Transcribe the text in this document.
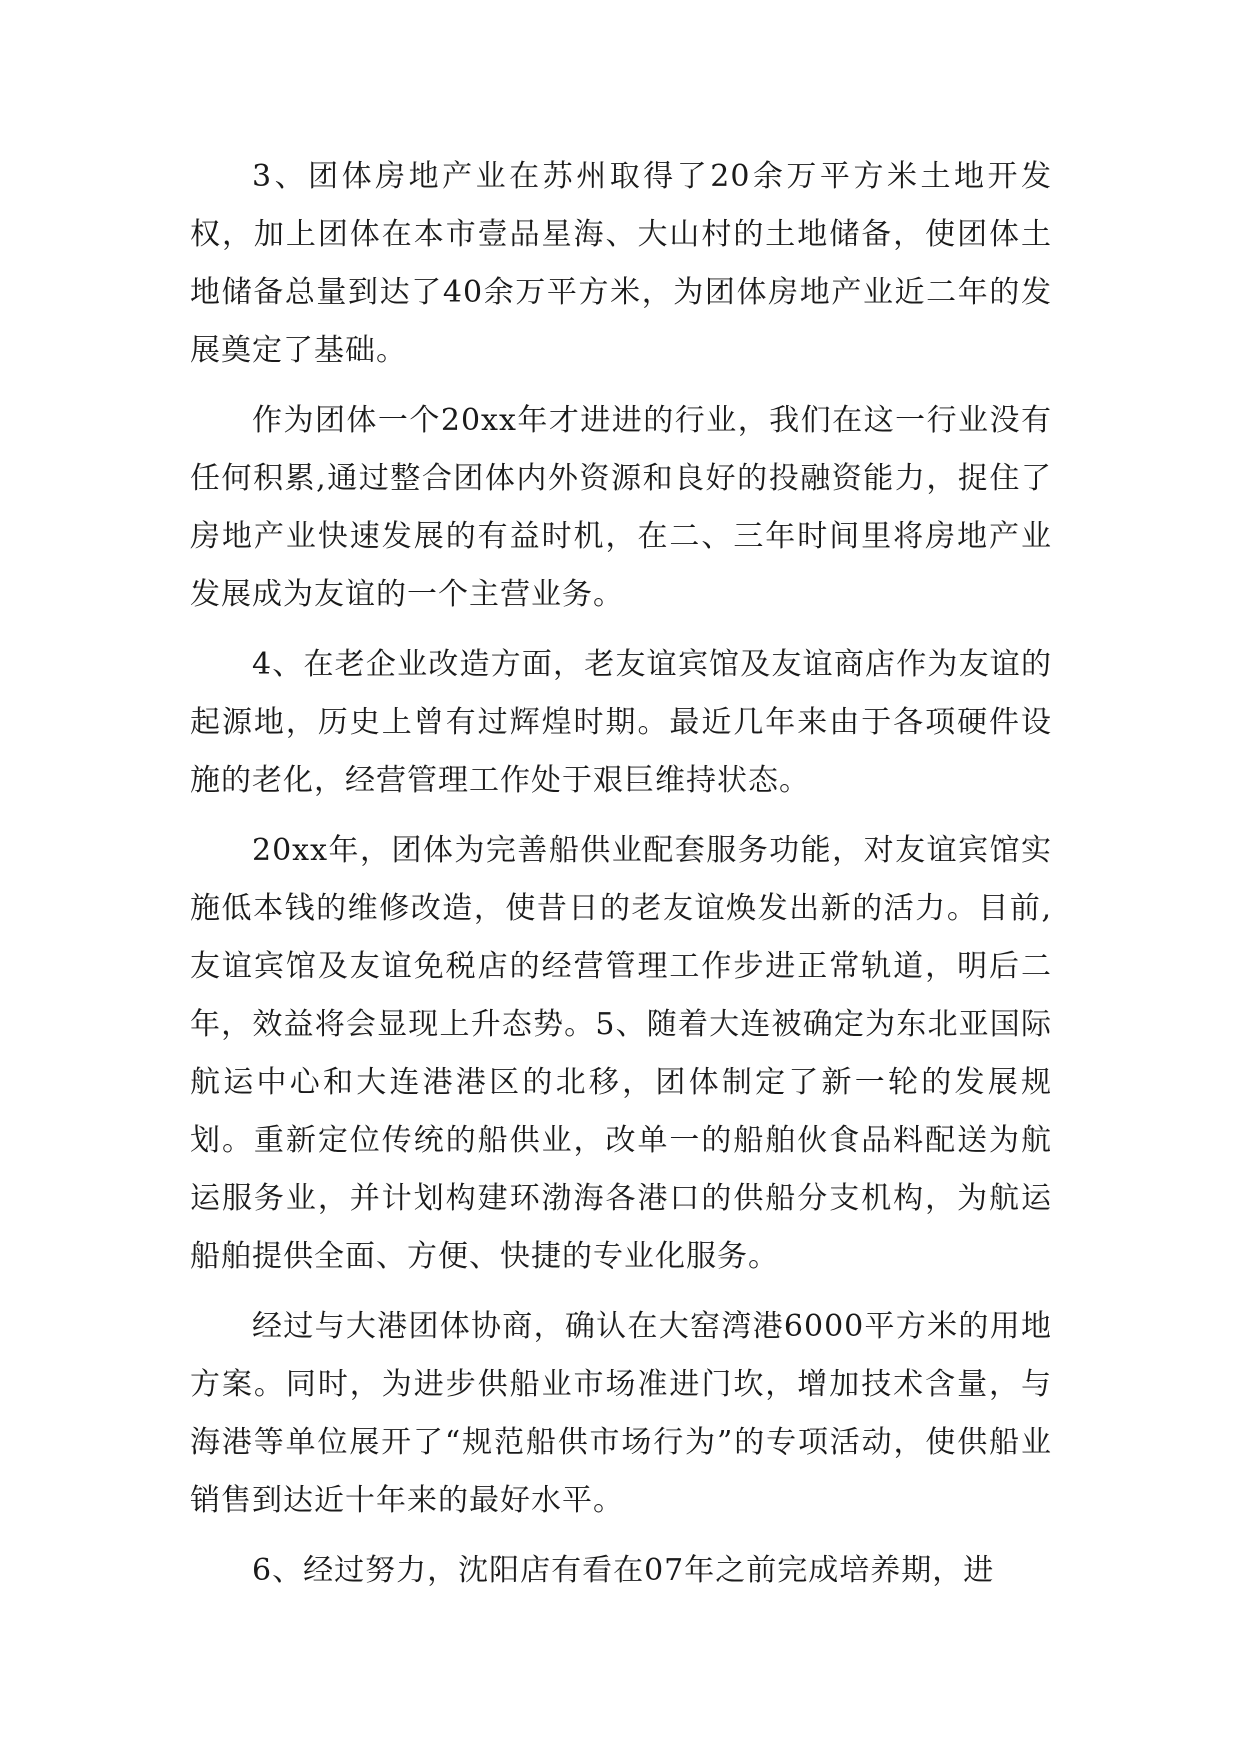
3、团体房地产业在苏州取得了20余万平方米土地开发权，加上团体在本市壹品星海、大山村的土地储备，使团体土地储备总量到达了40余万平方米，为团体房地产业近二年的发展奠定了基础。

作为团体一个20xx年才进进的行业，我们在这一行业没有任何积累,通过整合团体内外资源和良好的投融资能力，捉住了房地产业快速发展的有益时机，在二、三年时间里将房地产业发展成为友谊的一个主营业务。

4、在老企业改造方面，老友谊宾馆及友谊商店作为友谊的起源地，历史上曾有过辉煌时期。最近几年来由于各项硬件设施的老化，经营管理工作处于艰巨维持状态。

20xx年，团体为完善船供业配套服务功能，对友谊宾馆实施低本钱的维修改造，使昔日的老友谊焕发出新的活力。目前,友谊宾馆及友谊免税店的经营管理工作步进正常轨道，明后二年，效益将会显现上升态势。5、随着大连被确定为东北亚国际航运中心和大连港港区的北移，团体制定了新一轮的发展规划。重新定位传统的船供业，改单一的船舶伙食品料配送为航运服务业，并计划构建环渤海各港口的供船分支机构，为航运船舶提供全面、方便、快捷的专业化服务。

经过与大港团体协商，确认在大窑湾港6000平方米的用地方案。同时，为进步供船业市场准进门坎，增加技术含量，与海港等单位展开了“规范船供市场行为”的专项活动，使供船业销售到达近十年来的最好水平。

6、经过努力，沈阳店有看在07年之前完成培养期，进
